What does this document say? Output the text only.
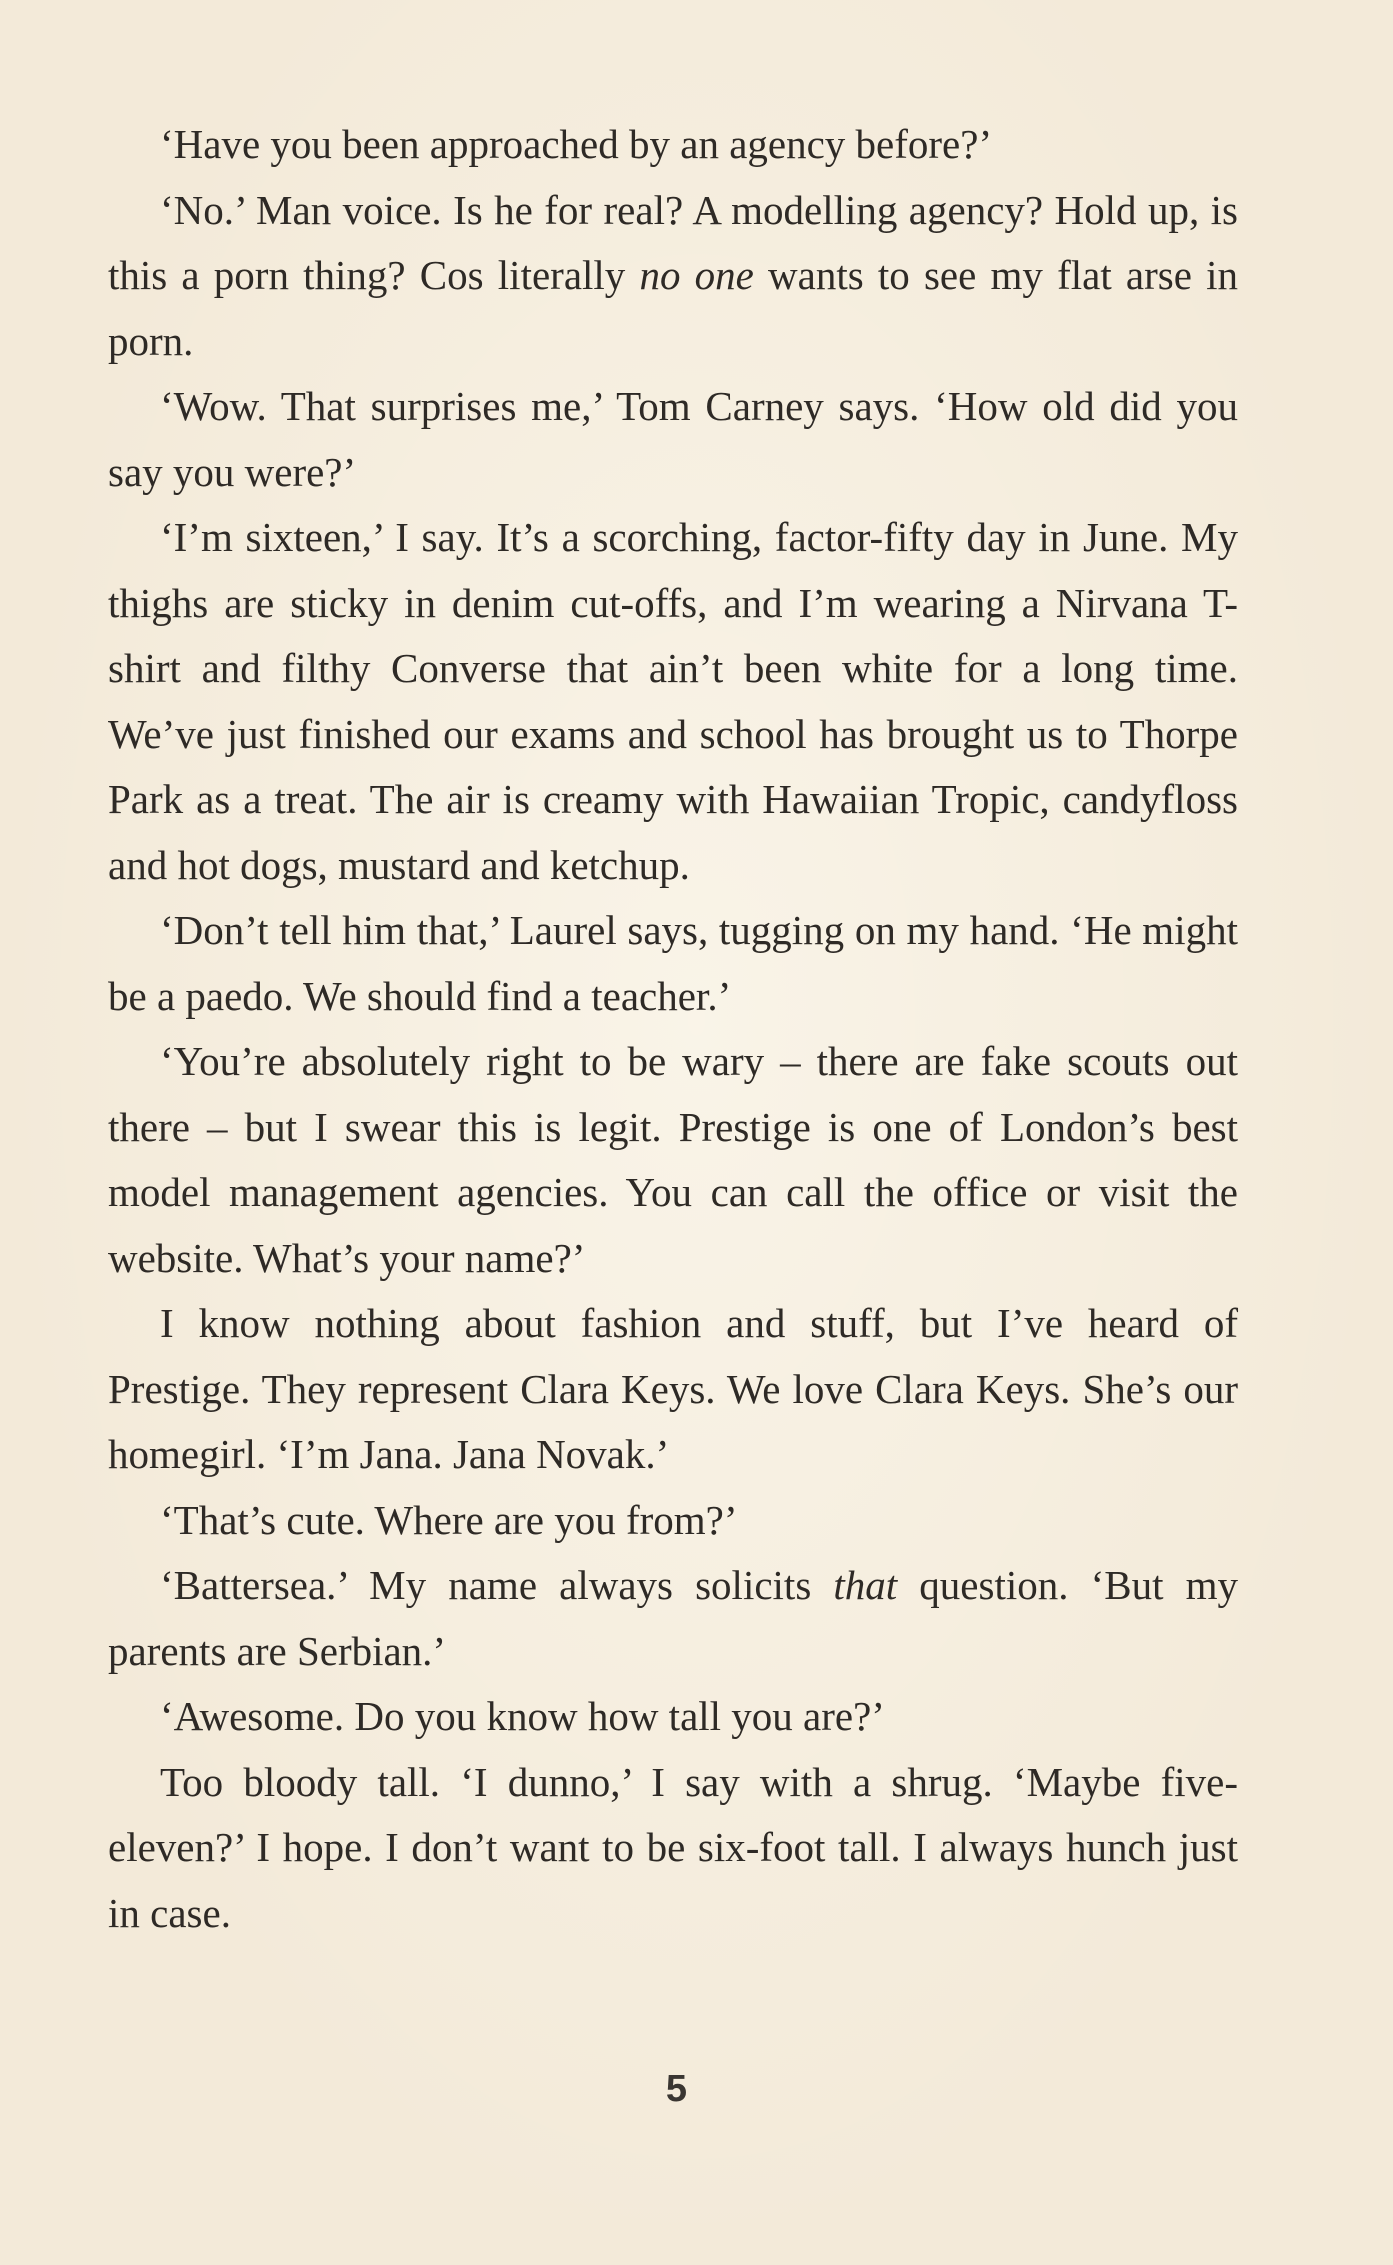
‘Have you been approached by an agency before?’

‘No.’ Man voice. Is he for real? A modelling agency? Hold up, is this a porn thing? Cos literally no one wants to see my flat arse in porn.

‘Wow. That surprises me,’ Tom Carney says. ‘How old did you say you were?’

‘I’m sixteen,’ I say. It’s a scorching, factor-fifty day in June. My thighs are sticky in denim cut-offs, and I’m wearing a Nirvana T-shirt and filthy Converse that ain’t been white for a long time. We’ve just finished our exams and school has brought us to Thorpe Park as a treat. The air is creamy with Hawaiian Tropic, candyfloss and hot dogs, mustard and ketchup.

‘Don’t tell him that,’ Laurel says, tugging on my hand. ‘He might be a paedo. We should find a teacher.’

‘You’re absolutely right to be wary – there are fake scouts out there – but I swear this is legit. Prestige is one of London’s best model management agencies. You can call the office or visit the website. What’s your name?’

I know nothing about fashion and stuff, but I’ve heard of Prestige. They represent Clara Keys. We love Clara Keys. She’s our homegirl. ‘I’m Jana. Jana Novak.’

‘That’s cute. Where are you from?’

‘Battersea.’ My name always solicits that question. ‘But my parents are Serbian.’

‘Awesome. Do you know how tall you are?’

Too bloody tall. ‘I dunno,’ I say with a shrug. ‘Maybe five-eleven?’ I hope. I don’t want to be six-foot tall. I always hunch just in case.

5
